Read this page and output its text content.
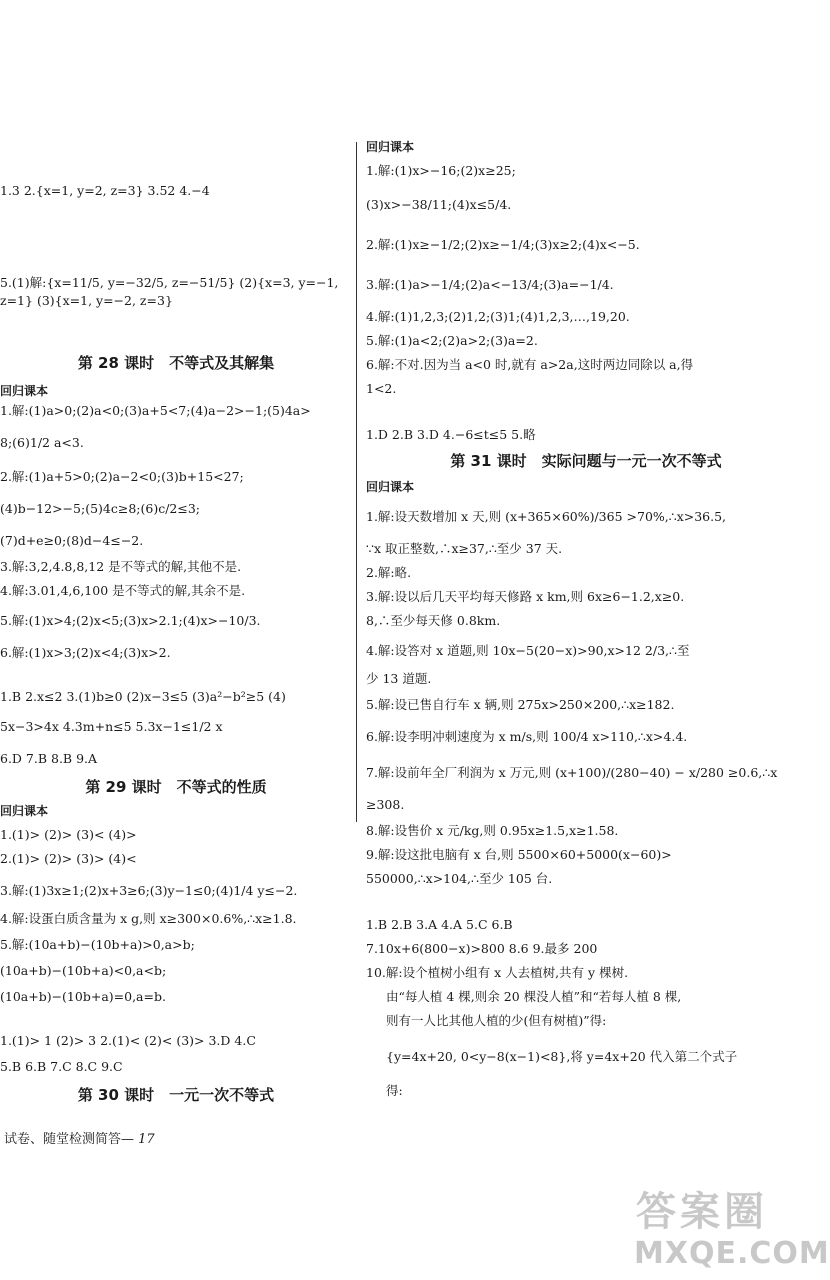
1.3 2.{x=1, y=2, z=3} 3.52 4.−4
5.(1)解:{x=11/5, y=−32/5, z=−51/5} (2){x=3, y=−1, z=1} (3){x=1, y=−2, z=3}
第 28 课时　不等式及其解集
回归课本
1.解:(1)a>0;(2)a<0;(3)a+5<7;(4)a−2>−1;(5)4a>
8;(6)1/2 a<3.
2.解:(1)a+5>0;(2)a−2<0;(3)b+15<27;
(4)b−12>−5;(5)4c≥8;(6)c/2≤3;
(7)d+e≥0;(8)d−4≤−2.
3.解:3,2,4.8,8,12 是不等式的解,其他不是.
4.解:3.01,4,6,100 是不等式的解,其余不是.
5.解:(1)x>4;(2)x<5;(3)x>2.1;(4)x>−10/3.
6.解:(1)x>3;(2)x<4;(3)x>2.
1.B 2.x≤2 3.(1)b≥0 (2)x−3≤5 (3)a²−b²≥5 (4)
5x−3>4x 4.3m+n≤5 5.3x−1≤1/2 x
6.D 7.B 8.B 9.A
第 29 课时　不等式的性质
回归课本
1.(1)> (2)> (3)< (4)>
2.(1)> (2)> (3)> (4)<
3.解:(1)3x≥1;(2)x+3≥6;(3)y−1≤0;(4)1/4 y≤−2.
4.解:设蛋白质含量为 x g,则 x≥300×0.6%,∴x≥1.8.
5.解:(10a+b)−(10b+a)>0,a>b;
(10a+b)−(10b+a)<0,a<b;
(10a+b)−(10b+a)=0,a=b.
1.(1)> 1 (2)> 3 2.(1)< (2)< (3)> 3.D 4.C
5.B 6.B 7.C 8.C 9.C
第 30 课时　一元一次不等式
试卷、随堂检测简答— 17
回归课本
1.解:(1)x>−16;(2)x≥25;
(3)x>−38/11;(4)x≤5/4.
2.解:(1)x≥−1/2;(2)x≥−1/4;(3)x≥2;(4)x<−5.
3.解:(1)a>−1/4;(2)a<−13/4;(3)a=−1/4.
4.解:(1)1,2,3;(2)1,2;(3)1;(4)1,2,3,…,19,20.
5.解:(1)a<2;(2)a>2;(3)a=2.
6.解:不对.因为当 a<0 时,就有 a>2a,这时两边同除以 a,得
1<2.
1.D 2.B 3.D 4.−6≤t≤5 5.略
第 31 课时　实际问题与一元一次不等式
回归课本
1.解:设天数增加 x 天,则 (x+365×60%)/365 >70%,∴x>36.5,
∵x 取正整数,∴x≥37,∴至少 37 天.
2.解:略.
3.解:设以后几天平均每天修路 x km,则 6x≥6−1.2,x≥0.
8,∴至少每天修 0.8km.
4.解:设答对 x 道题,则 10x−5(20−x)>90,x>12 2/3,∴至
少 13 道题.
5.解:设已售自行车 x 辆,则 275x>250×200,∴x≥182.
6.解:设李明冲刺速度为 x m/s,则 100/4 x>110,∴x>4.4.
7.解:设前年全厂利润为 x 万元,则 (x+100)/(280−40) − x/280 ≥0.6,∴x
≥308.
8.解:设售价 x 元/kg,则 0.95x≥1.5,x≥1.58.
9.解:设这批电脑有 x 台,则 5500×60+5000(x−60)>
550000,∴x>104,∴至少 105 台.
1.B 2.B 3.A 4.A 5.C 6.B
7.10x+6(800−x)>800 8.6 9.最多 200
10.解:设个植树小组有 x 人去植树,共有 y 棵树.
由“每人植 4 棵,则余 20 棵没人植”和“若每人植 8 棵,
则有一人比其他人植的少(但有树植)”得:
{y=4x+20, 0<y−8(x−1)<8},将 y=4x+20 代入第二个式子
得:
答案圈
MXQE.COM
